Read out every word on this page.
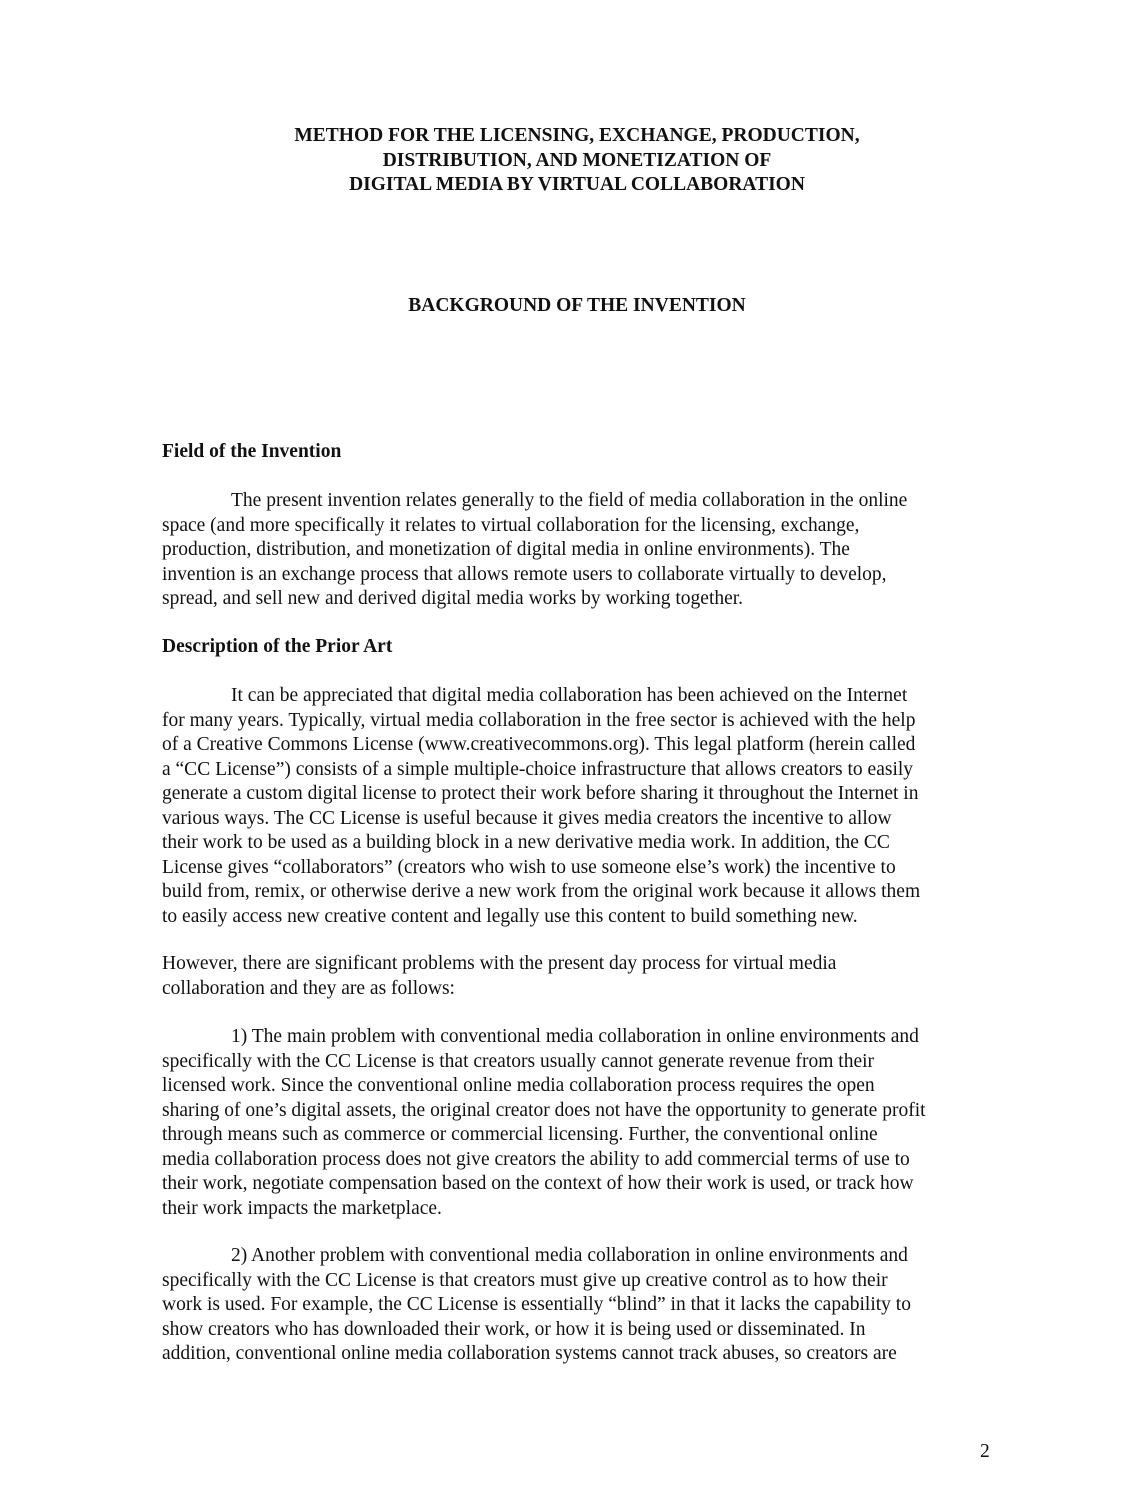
METHOD FOR THE LICENSING, EXCHANGE, PRODUCTION,
DISTRIBUTION, AND MONETIZATION OF
DIGITAL MEDIA BY VIRTUAL COLLABORATION
BACKGROUND OF THE INVENTION

Field of the Invention

The present invention relates generally to the field of media collaboration in the online
space (and more specifically it relates to virtual collaboration for the licensing, exchange,
production, distribution, and monetization of digital media in online environments). The
invention is an exchange process that allows remote users to collaborate virtually to develop,
spread, and sell new and derived digital media works by working together.

Description of the Prior Art

It can be appreciated that digital media collaboration has been achieved on the Internet
for many years. Typically, virtual media collaboration in the free sector is achieved with the help
of a Creative Commons License (www.creativecommons.org). This legal platform (herein called
a “CC License”) consists of a simple multiple-choice infrastructure that allows creators to easily
generate a custom digital license to protect their work before sharing it throughout the Internet in
various ways. The CC License is useful because it gives media creators the incentive to allow
their work to be used as a building block in a new derivative media work. In addition, the CC
License gives “collaborators” (creators who wish to use someone else’s work) the incentive to
build from, remix, or otherwise derive a new work from the original work because it allows them
to easily access new creative content and legally use this content to build something new.

However, there are significant problems with the present day process for virtual media
collaboration and they are as follows:

1) The main problem with conventional media collaboration in online environments and
specifically with the CC License is that creators usually cannot generate revenue from their
licensed work. Since the conventional online media collaboration process requires the open
sharing of one’s digital assets, the original creator does not have the opportunity to generate profit
through means such as commerce or commercial licensing. Further, the conventional online
media collaboration process does not give creators the ability to add commercial terms of use to
their work, negotiate compensation based on the context of how their work is used, or track how
their work impacts the marketplace.

2) Another problem with conventional media collaboration in online environments and
specifically with the CC License is that creators must give up creative control as to how their
work is used. For example, the CC License is essentially “blind” in that it lacks the capability to
show creators who has downloaded their work, or how it is being used or disseminated. In
addition, conventional online media collaboration systems cannot track abuses, so creators are

2
